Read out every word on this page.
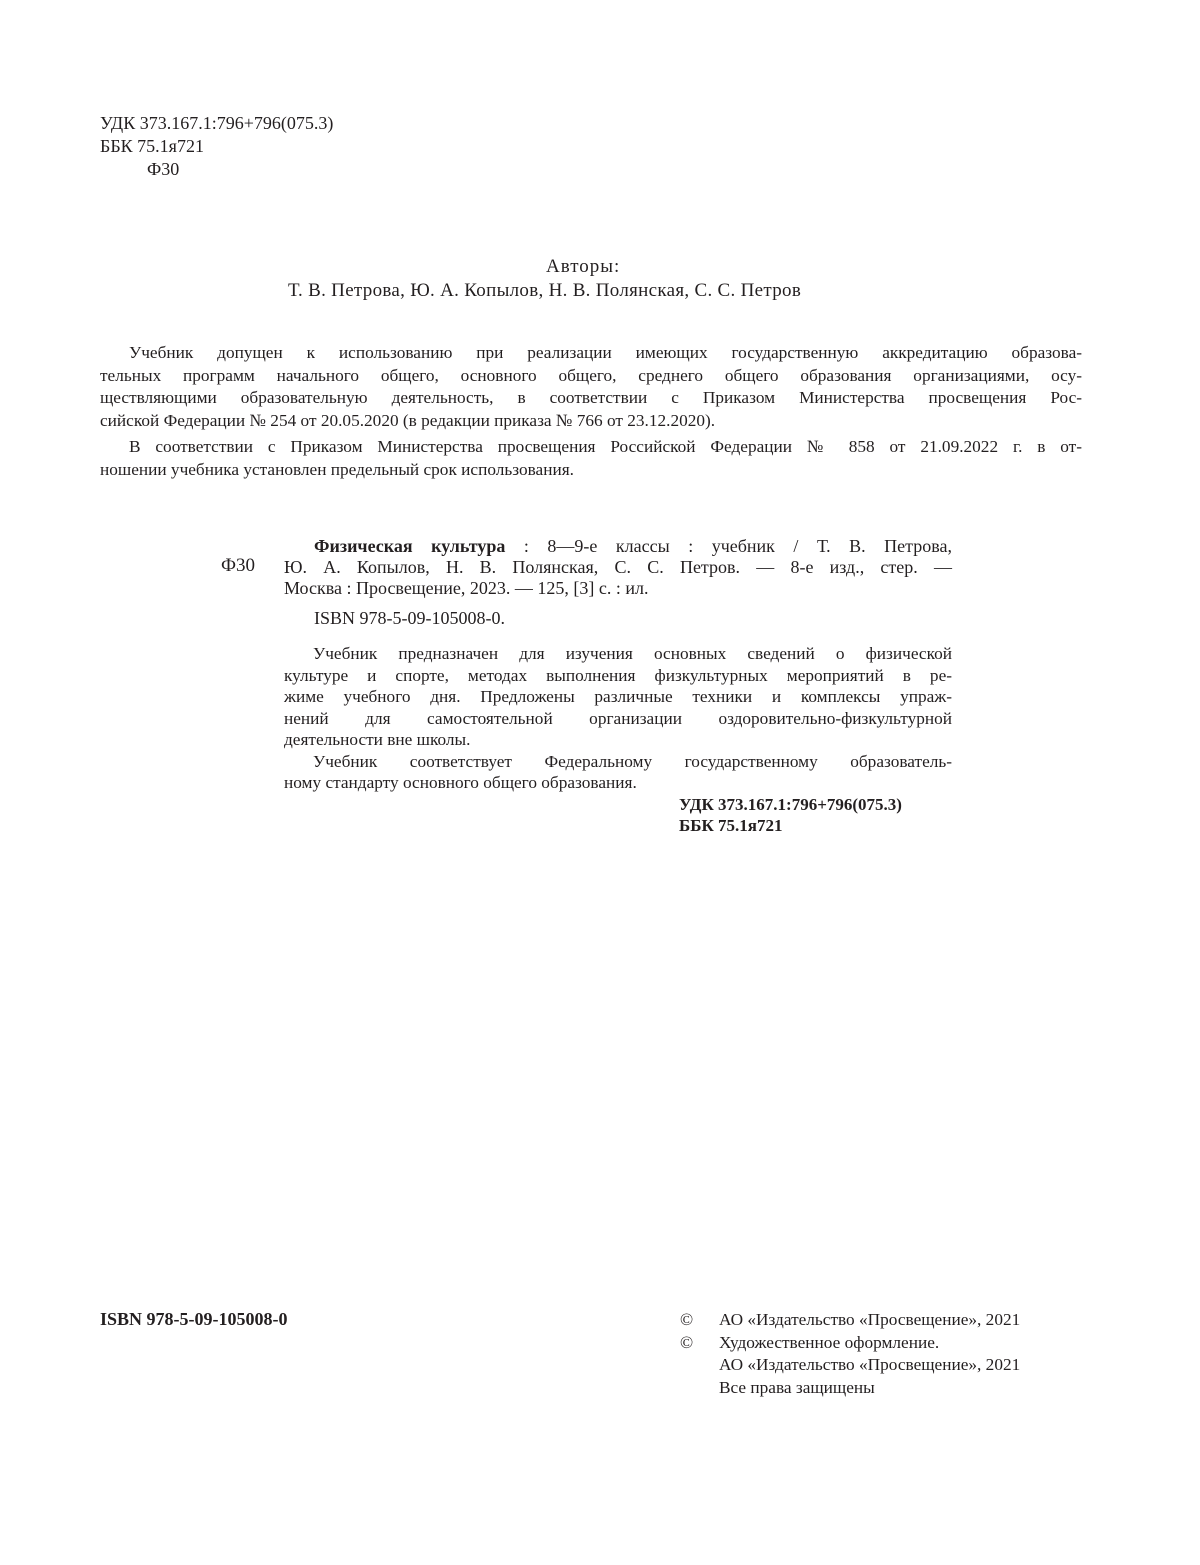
УДК 373.167.1:796+796(075.3)
ББК 75.1я721
Ф30
Авторы:
Т. В. Петрова, Ю. А. Копылов, Н. В. Полянская, С. С. Петров
Учебник допущен к использованию при реализации имеющих государственную аккредитацию образова-
тельных программ начального общего, основного общего, среднего общего образования организациями, осу-
ществляющими образовательную деятельность, в соответствии с Приказом Министерства просвещения Рос-
сийской Федерации № 254 от 20.05.2020 (в редакции приказа № 766 от 23.12.2020).
В соответствии с Приказом Министерства просвещения Российской Федерации № 858 от 21.09.2022 г. в от-
ношении учебника установлен предельный срок использования.
Ф30
Физическая культура : 8—9-е классы : учебник / Т. В. Петрова,
Ю. А. Копылов, Н. В. Полянская, С. С. Петров. — 8-е изд., стер. —
Москва : Просвещение, 2023. — 125, [3] с. : ил.
ISBN 978-5-09-105008-0.
Учебник предназначен для изучения основных сведений о физической
культуре и спорте, методах выполнения физкультурных мероприятий в ре-
жиме учебного дня. Предложены различные техники и комплексы упраж-
нений для самостоятельной организации оздоровительно-физкультурной
деятельности вне школы.
Учебник соответствует Федеральному государственному образователь-
ному стандарту основного общего образования.
УДК 373.167.1:796+796(075.3)
ББК 75.1я721
ISBN 978-5-09-105008-0	©	АО «Издательство «Просвещение», 2021
©	Художественное оформление.
АО «Издательство «Просвещение», 2021
Все права защищены
